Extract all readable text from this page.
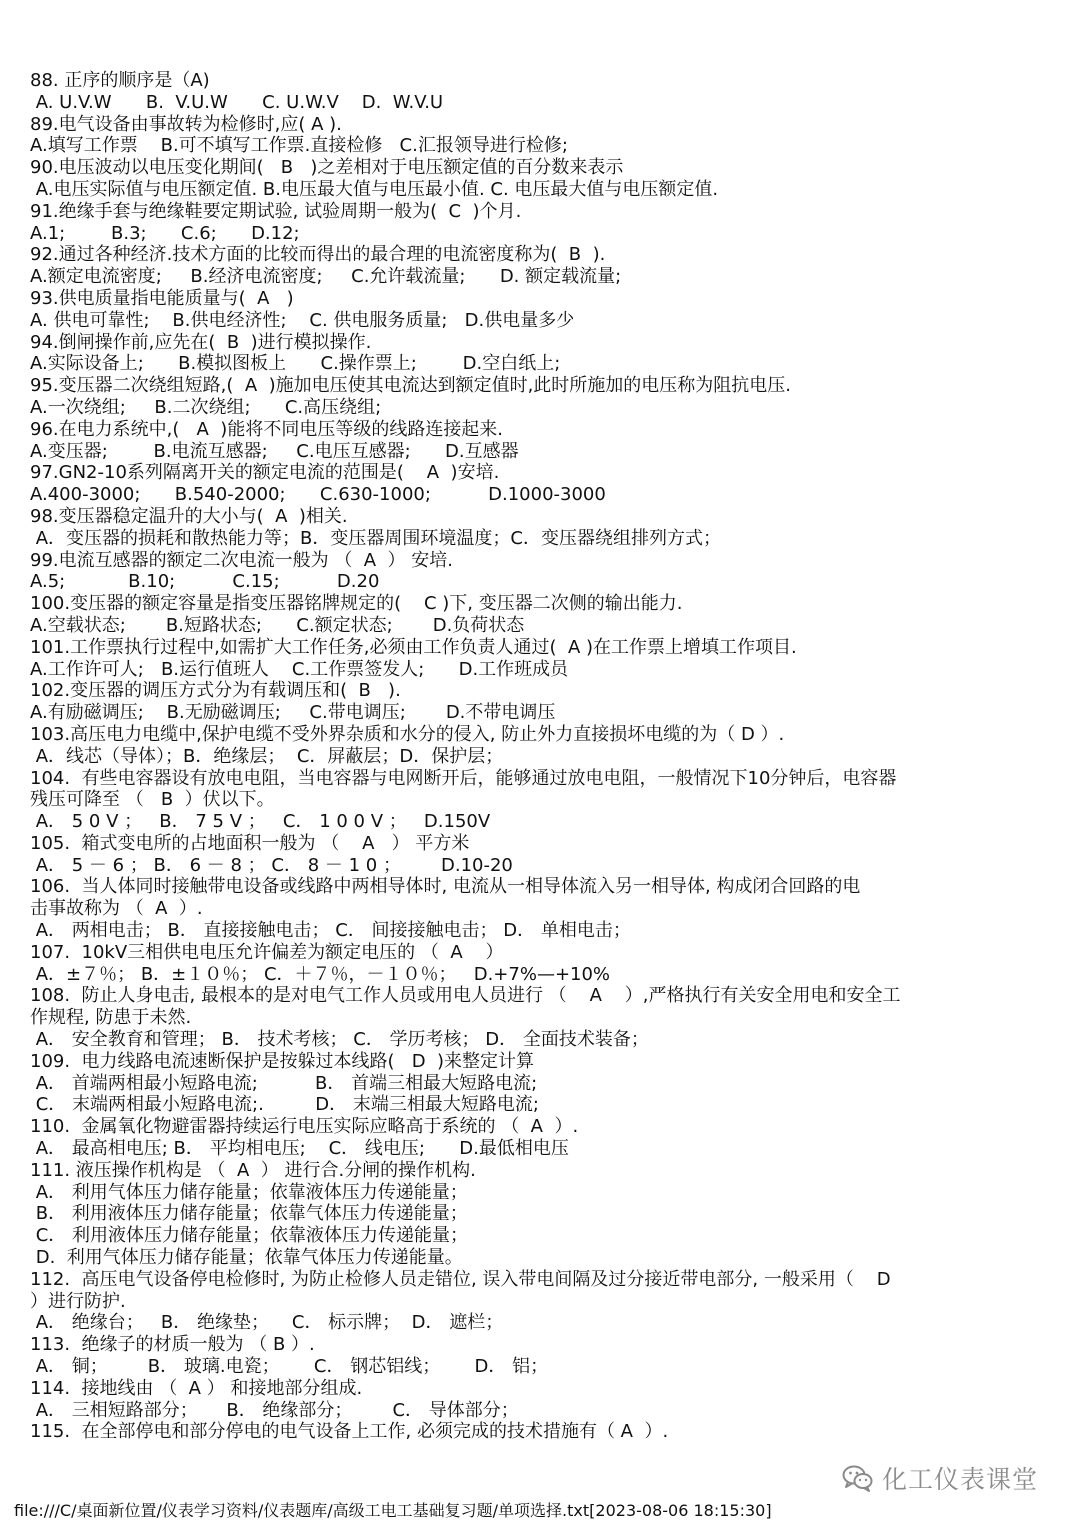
88. 正序的顺序是（A)
A. U.V.W      B.  V.U.W      C. U.W.V    D.  W.V.U
89.电气设备由事故转为检修时,应( A ).
A.填写工作票    B.可不填写工作票.直接检修   C.汇报领导进行检修;
90.电压波动以电压变化期间(   B   )之差相对于电压额定值的百分数来表示
A.电压实际值与电压额定值. B.电压最大值与电压最小值. C. 电压最大值与电压额定值.
91.绝缘手套与绝缘鞋要定期试验, 试验周期一般为(  C  )个月.
A.1;        B.3;      C.6;      D.12;
92.通过各种经济.技术方面的比较而得出的最合理的电流密度称为(  B  ).
A.额定电流密度;     B.经济电流密度;     C.允许载流量;      D. 额定载流量;
93.供电质量指电能质量与(  A   )
A. 供电可靠性;    B.供电经济性;    C. 供电服务质量;   D.供电量多少
94.倒闸操作前,应先在(  B  )进行模拟操作.
A.实际设备上;      B.模拟图板上      C.操作票上;        D.空白纸上;
95.变压器二次绕组短路,(  A  )施加电压使其电流达到额定值时,此时所施加的电压称为阻抗电压.
A.一次绕组;     B.二次绕组;      C.高压绕组;
96.在电力系统中,(   A  )能将不同电压等级的线路连接起来.
A.变压器;        B.电流互感器;     C.电压互感器;      D.互感器
97.GN2-10系列隔离开关的额定电流的范围是(    A  )安培.
A.400-3000;      B.540-2000;      C.630-1000;          D.1000-3000
98.变压器稳定温升的大小与(  A  )相关.
A．变压器的损耗和散热能力等；B．变压器周围环境温度；C．变压器绕组排列方式；
99.电流互感器的额定二次电流一般为 （  A  ） 安培.
A.5;           B.10;          C.15;          D.20
100.变压器的额定容量是指变压器铭牌规定的(    C )下, 变压器二次侧的输出能力.
A.空载状态;       B.短路状态;      C.额定状态;       D.负荷状态
101.工作票执行过程中,如需扩大工作任务,必须由工作负责人通过(  A )在工作票上增填工作项目.
A.工作许可人;   B.运行值班人    C.工作票签发人;      D.工作班成员
102.变压器的调压方式分为有载调压和(  B   ).
A.有励磁调压;    B.无励磁调压;     C.带电调压;       D.不带电调压
103.高压电力电缆中,保护电缆不受外界杂质和水分的侵入, 防止外力直接损坏电缆的为（ D ）.
A．线芯（导体）；B．绝缘层；  C．屏蔽层；D．保护层；
104.  有些电容器设有放电电阻，当电容器与电网断开后，能够通过放电电阻，一般情况下10分钟后，电容器
残压可降至 （   B  ）伏以下。
A． 5 0 V ；   B． 7 5 V ；   C． 1 0 0 V ；   D.150V
105.  箱式变电所的占地面积一般为 （    A   ） 平方米
A． 5 － 6 ； B． 6 － 8 ； C． 8 － 1 0 ；       D.10-20
106.  当人体同时接触带电设备或线路中两相导体时, 电流从一相导体流入另一相导体, 构成闭合回路的电
击事故称为 （  A  ）.
A． 两相电击； B． 直接接触电击； C． 间接接触电击； D． 单相电击；
107.  10kV三相供电电压允许偏差为额定电压的 （  A    ）
A．±７％； B．±１０％； C．＋７％，－１０％；   D.+7%—+10%
108.  防止人身电击, 最根本的是对电气工作人员或用电人员进行 （    A    ）,严格执行有关安全用电和安全工
作规程, 防患于未然.
A． 安全教育和管理； B． 技术考核； C． 学历考核； D． 全面技术装备；
109.  电力线路电流速断保护是按躲过本线路(   D  )来整定计算
A． 首端两相最小短路电流;          B． 首端三相最大短路电流;
C． 末端两相最小短路电流;.         D． 末端三相最大短路电流;
110.  金属氧化物避雷器持续运行电压实际应略高于系统的 （  A  ）.
A． 最高相电压; B． 平均相电压;    C． 线电压;      D.最低相电压
111. 液压操作机构是 （  A  ） 进行合.分闸的操作机构.
A． 利用气体压力储存能量；依靠液体压力传递能量；
B． 利用液体压力储存能量；依靠气体压力传递能量；
C． 利用液体压力储存能量；依靠液体压力传递能量；
D.  利用气体压力储存能量；依靠气体压力传递能量。
112.  高压电气设备停电检修时, 为防止检修人员走错位, 误入带电间隔及过分接近带电部分, 一般采用（    D
）进行防护.
A． 绝缘台；   B． 绝缘垫；    C． 标示牌；  D． 遮栏；
113.  绝缘子的材质一般为 （ B ）.
A． 铜；       B． 玻璃.电瓷；      C． 钢芯铝线；      D． 铝；
114.  接地线由 （  A ） 和接地部分组成.
A． 三相短路部分；     B． 绝缘部分；       C． 导体部分；
115.  在全部停电和部分停电的电气设备上工作, 必须完成的技术措施有（ A  ）.
化工仪表课堂
file:///C/桌面新位置/仪表学习资料/仪表题库/高级工电工基础复习题/单项选择.txt[2023-08-06 18:15:30]
